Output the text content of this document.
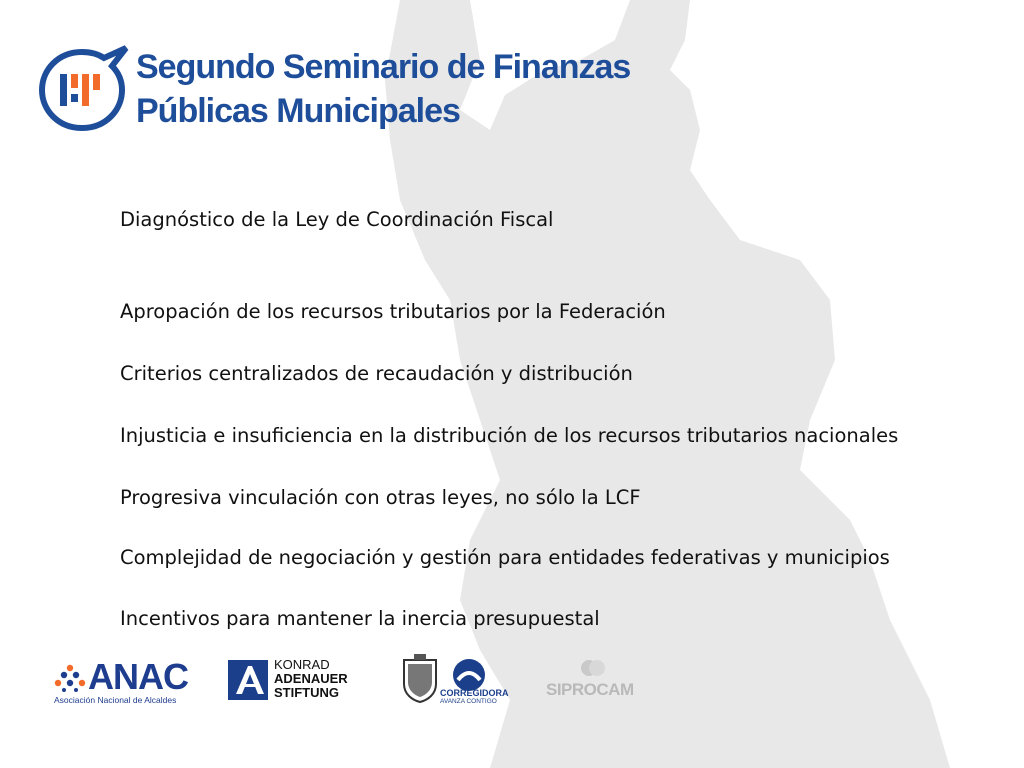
Segundo Seminario de Finanzas
Públicas Municipales
Diagnóstico de la Ley de Coordinación Fiscal
Apropación de los recursos tributarios por la Federación
Criterios centralizados de recaudación y distribución
Injusticia e insuficiencia en la distribución de los recursos tributarios nacionales
Progresiva vinculación con otras leyes, no sólo la LCF
Complejidad de negociación y gestión para entidades federativas y municipios
Incentivos para mantener la inercia presupuestal
ANAC
Asociación Nacional de Alcaldes
KONRAD
ADENAUER
STIFTUNG	CORREGIDORA
AVANZA CONTIGO
SIPROCAM
